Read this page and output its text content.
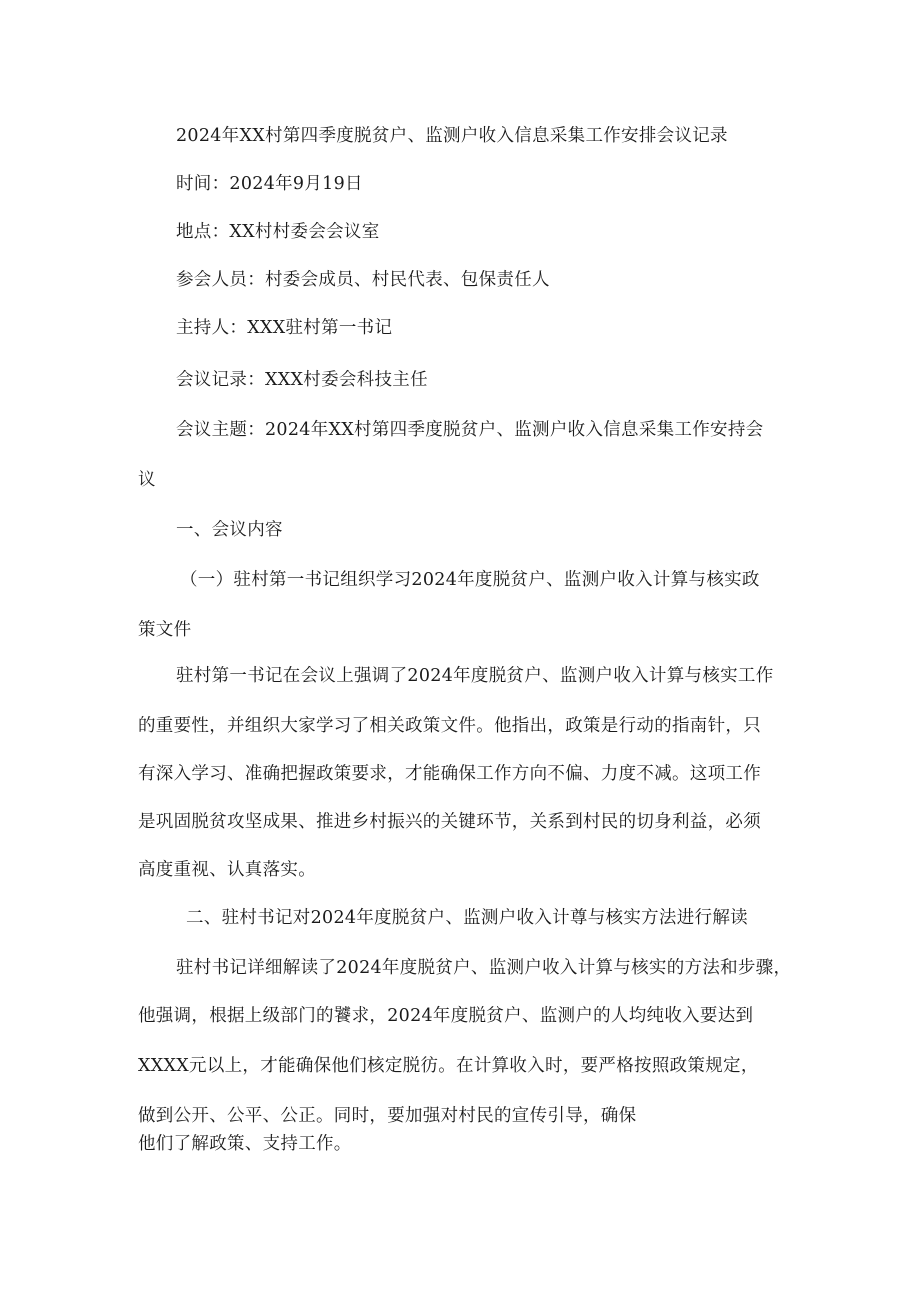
2024年XX村第四季度脱贫户、监测户收入信息采集工作安排会议记录

时间：2024年9月19日

地点：XX村村委会会议室

参会人员：村委会成员、村民代表、包保责任人

主持人：XXX驻村第一书记

会议记录：XXX村委会科技主任

会议主题：2024年XX村第四季度脱贫户、监测户收入信息采集工作安持会

议

一、会议内容

（一）驻村第一书记组织学习2024年度脱贫户、监测户收入计算与核实政

策文件

驻村第一书记在会议上强调了2024年度脱贫户、监测户收入计算与核实工作

的重要性，并组织大家学习了相关政策文件。他指出，政策是行动的指南针，只

有深入学习、准确把握政策要求，才能确保工作方向不偏、力度不减。这项工作

是巩固脱贫攻坚成果、推进乡村振兴的关键环节，关系到村民的切身利益，必须

高度重视、认真落实。

二、驻村书记对2024年度脱贫户、监测户收入计尊与核实方法进行解读

驻村书记详细解读了2024年度脱贫户、监测户收入计算与核实的方法和步骤，

他强调，根据上级部门的饕求，2024年度脱贫户、监测户的人均纯收入要达到

XXXX元以上，才能确保他们核定脱彷。在计算收入时，要严格按照政策规定，

做到公开、公平、公正。同时，要加强对村民的宣传引导，确保

他们了解政策、支持工作。
